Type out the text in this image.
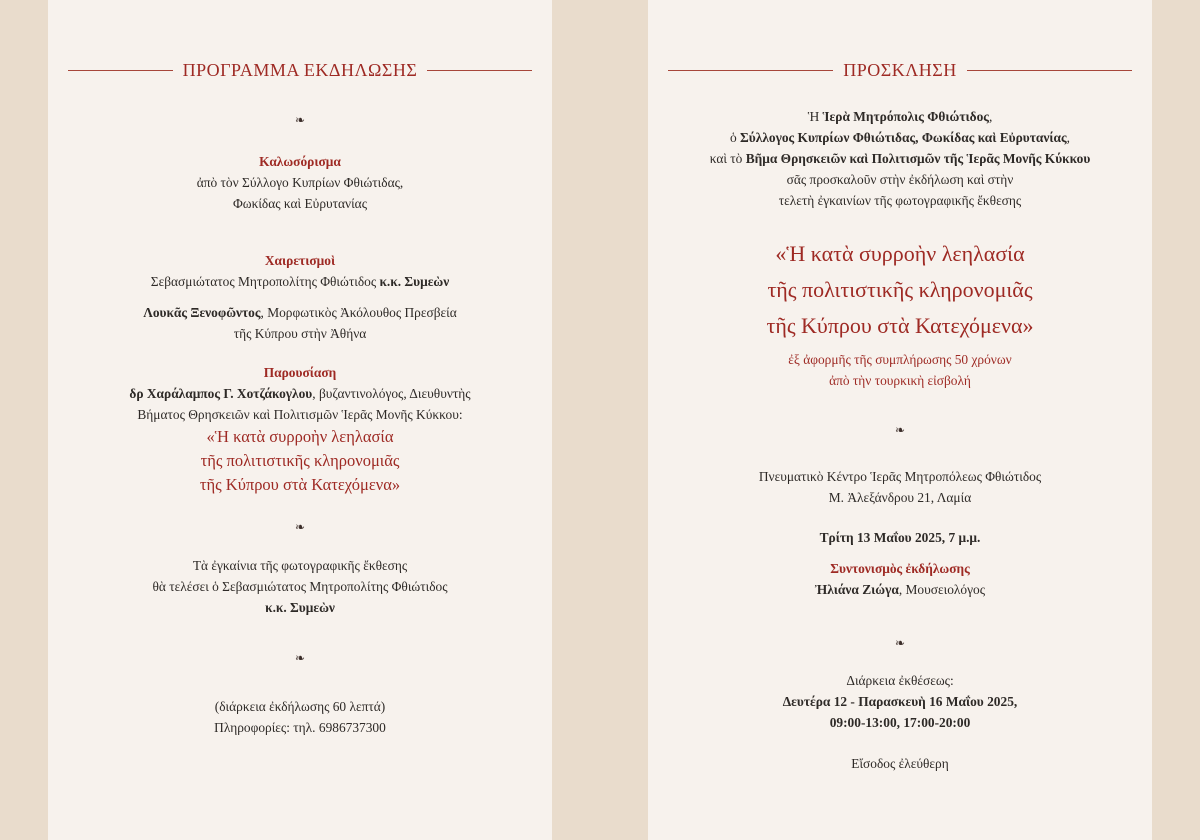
ΠΡΟΓΡΑΜΜΑ ΕΚΔΗΛΩΣΗΣ
❧
Καλωσόρισμα
ἀπὸ τὸν Σύλλογο Κυπρίων Φθιώτιδας,
Φωκίδας καὶ Εὐρυτανίας
Χαιρετισμοὶ
Σεβασμιώτατος Μητροπολίτης Φθιώτιδος κ.κ. Συμεὼν
Λουκᾶς Ξενοφῶντος, Μορφωτικὸς Ἀκόλουθος Πρεσβεία
τῆς Κύπρου στὴν Ἀθήνα
Παρουσίαση
δρ Χαράλαμπος Γ. Χοτζάκογλου, βυζαντινολόγος, Διευθυντὴς
Βήματος Θρησκειῶν καὶ Πολιτισμῶν Ἱερᾶς Μονῆς Κύκκου:
«Ἡ κατὰ συρροὴν λεηλασία
τῆς πολιτιστικῆς κληρονομιᾶς
τῆς Κύπρου στὰ Κατεχόμενα»
❧
Τὰ ἐγκαίνια τῆς φωτογραφικῆς ἔκθεσης
θὰ τελέσει ὁ Σεβασμιώτατος Μητροπολίτης Φθιώτιδος
κ.κ. Συμεὼν
❧
(διάρκεια ἐκδήλωσης 60 λεπτά)
Πληροφορίες: τηλ. 6986737300
ΠΡΟΣΚΛΗΣΗ
Ἡ Ἱερὰ Μητρόπολις Φθιώτιδος,
ὁ Σύλλογος Κυπρίων Φθιώτιδας, Φωκίδας καὶ Εὐρυτανίας,
καὶ τὸ Βῆμα Θρησκειῶν καὶ Πολιτισμῶν τῆς Ἱερᾶς Μονῆς Κύκκου
σᾶς προσκαλοῦν στὴν ἐκδήλωση καὶ στὴν
τελετὴ ἐγκαινίων τῆς φωτογραφικῆς ἔκθεσης
«Ἡ κατὰ συρροὴν λεηλασία
τῆς πολιτιστικῆς κληρονομιᾶς
τῆς Κύπρου στὰ Κατεχόμενα»
ἐξ ἀφορμῆς τῆς συμπλήρωσης 50 χρόνων
ἀπὸ τὴν τουρκικὴ εἰσβολή
❧
Πνευματικὸ Κέντρο Ἱερᾶς Μητροπόλεως Φθιώτιδος
Μ. Ἀλεξάνδρου 21, Λαμία
Τρίτη 13 Μαΐου 2025, 7 μ.μ.
Συντονισμὸς ἐκδήλωσης
Ἠλιάνα Ζιώγα, Μουσειολόγος
❧
Διάρκεια ἐκθέσεως:
Δευτέρα 12 - Παρασκευὴ 16 Μαΐου 2025,
09:00-13:00, 17:00-20:00
Εἴσοδος ἐλεύθερη
